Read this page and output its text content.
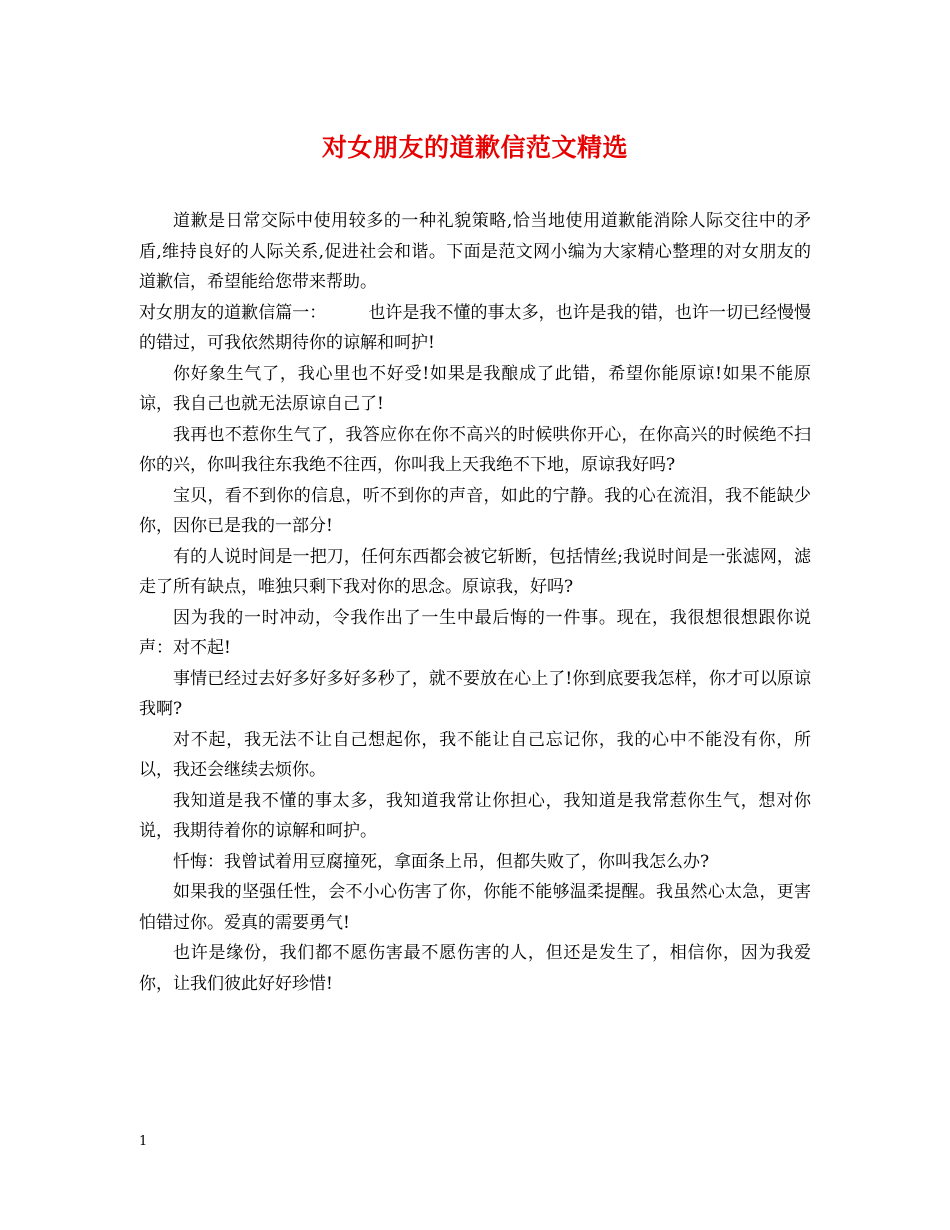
对女朋友的道歉信范文精选

道歉是日常交际中使用较多的一种礼貌策略,恰当地使用道歉能消除人际交往中的矛盾,维持良好的人际关系,促进社会和谐。下面是范文网小编为大家精心整理的对女朋友的道歉信，希望能给您带来帮助。

对女朋友的道歉信篇一： 也许是我不懂的事太多，也许是我的错，也许一切已经慢慢的错过，可我依然期待你的谅解和呵护!

你好象生气了，我心里也不好受!如果是我酿成了此错，希望你能原谅!如果不能原谅，我自己也就无法原谅自己了!

我再也不惹你生气了，我答应你在你不高兴的时候哄你开心，在你高兴的时候绝不扫你的兴，你叫我往东我绝不往西，你叫我上天我绝不下地，原谅我好吗?

宝贝，看不到你的信息，听不到你的声音，如此的宁静。我的心在流泪，我不能缺少你，因你已是我的一部分!

有的人说时间是一把刀，任何东西都会被它斩断，包括情丝;我说时间是一张滤网，滤走了所有缺点，唯独只剩下我对你的思念。原谅我，好吗?

因为我的一时冲动，令我作出了一生中最后悔的一件事。现在，我很想很想跟你说声：对不起!

事情已经过去好多好多好多秒了，就不要放在心上了!你到底要我怎样，你才可以原谅我啊?

对不起，我无法不让自己想起你，我不能让自己忘记你，我的心中不能没有你，所以，我还会继续去烦你。

我知道是我不懂的事太多，我知道我常让你担心，我知道是我常惹你生气，想对你说，我期待着你的谅解和呵护。

忏悔：我曾试着用豆腐撞死，拿面条上吊，但都失败了，你叫我怎么办?

如果我的坚强任性，会不小心伤害了你，你能不能够温柔提醒。我虽然心太急，更害怕错过你。爱真的需要勇气!

也许是缘份，我们都不愿伤害最不愿伤害的人，但还是发生了，相信你，因为我爱你，让我们彼此好好珍惜!

1
